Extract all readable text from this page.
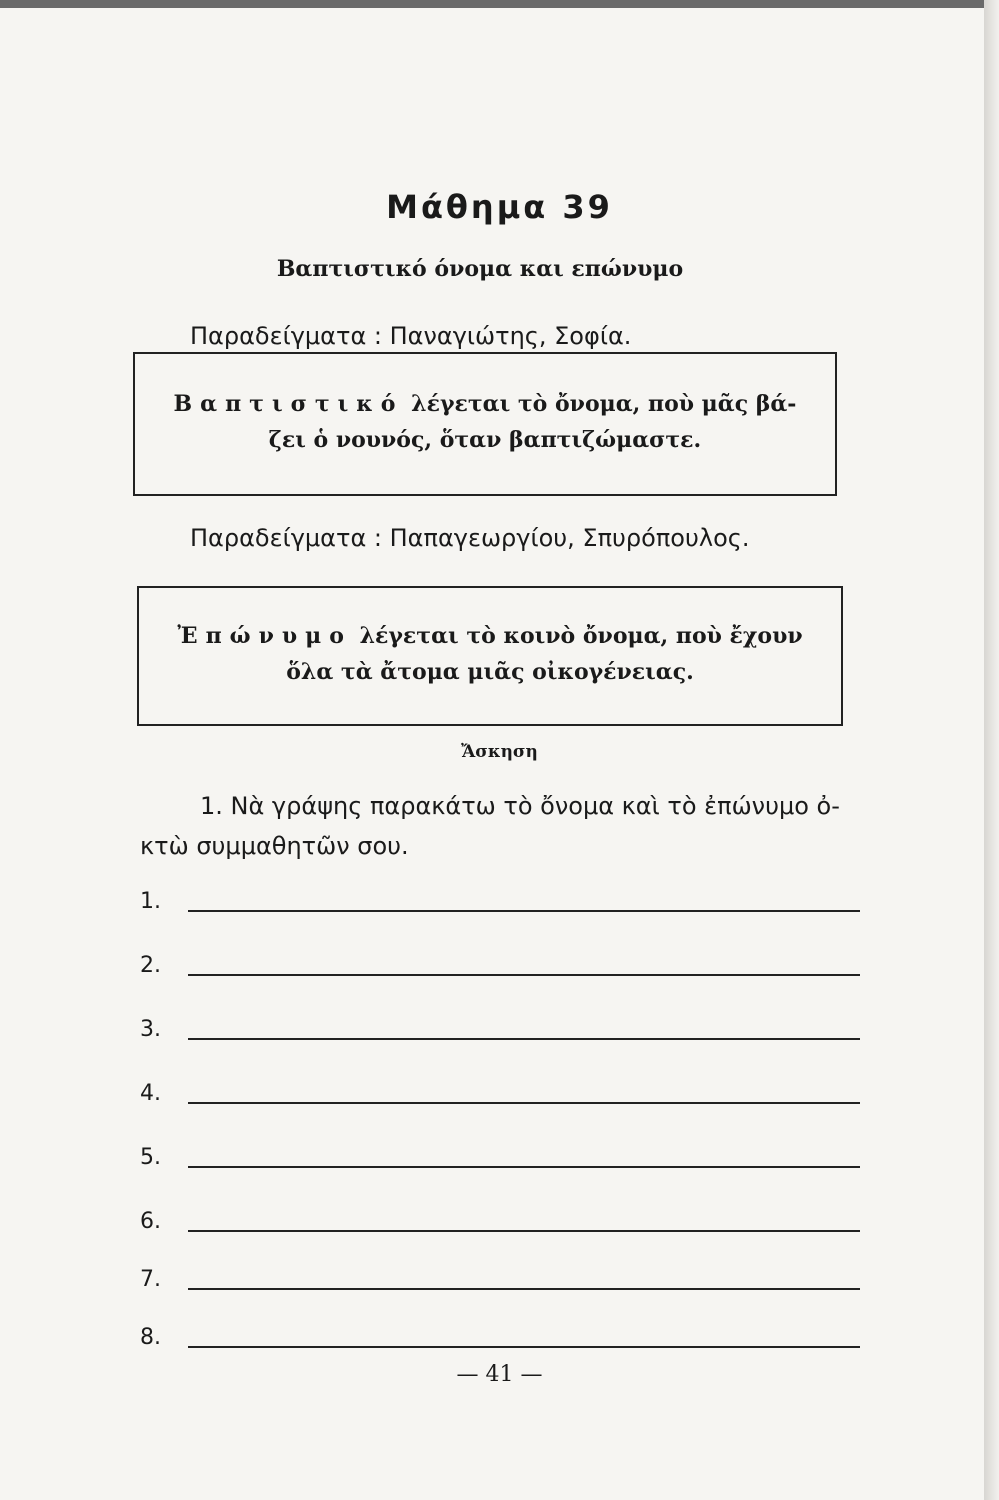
Μάθημα 39
Βαπτιστικό όνομα και επώνυμο
Παραδείγματα : Παναγιώτης, Σοφία.
Βαπτιστικό λέγεται τὸ ὄνομα, ποὺ μᾶς βά-
ζει ὁ νουνός, ὅταν βαπτιζώμαστε.
Παραδείγματα : Παπαγεωργίου, Σπυρόπουλος.
Ἐπώνυμο λέγεται τὸ κοινὸ ὄνομα, ποὺ ἔχουν
ὅλα τὰ ἄτομα μιᾶς οἰκογένειας.
Ἄσκηση
1. Νὰ γράψης παρακάτω τὸ ὄνομα καὶ τὸ ἐπώνυμο ὀ-
κτὼ συμμαθητῶν σου.
1.
2.
3.
4.
5.
6.
7.
8.
— 41 —
